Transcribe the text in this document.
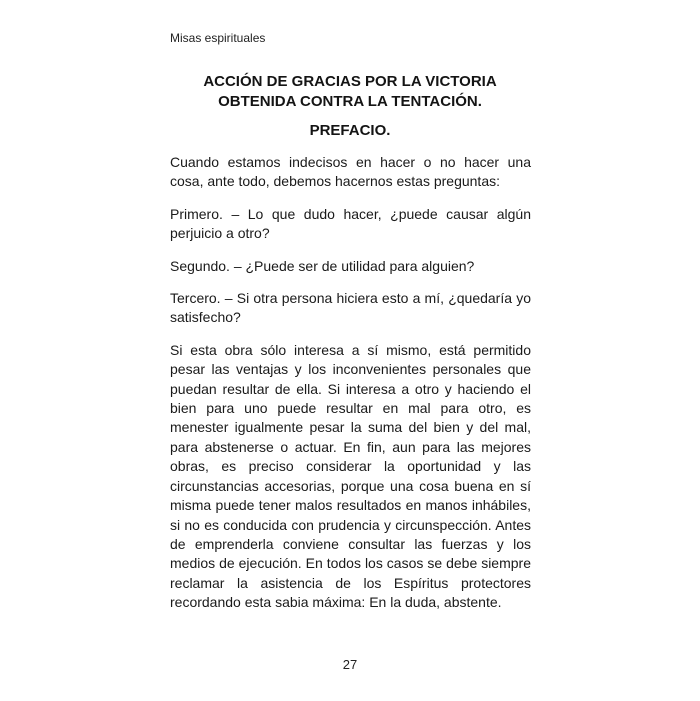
Misas espirituales
ACCIÓN DE GRACIAS POR LA VICTORIA
OBTENIDA CONTRA LA TENTACIÓN.
PREFACIO.

Cuando estamos indecisos en hacer o no hacer una cosa, ante todo, debemos hacernos estas preguntas:

Primero. – Lo que dudo hacer, ¿puede causar algún perjuicio a otro?

Segundo. – ¿Puede ser de utilidad para alguien?

Tercero. – Si otra persona hiciera esto a mí, ¿quedaría yo satisfecho?

Si esta obra sólo interesa a sí mismo, está permitido pesar las ventajas y los inconvenientes personales que puedan resultar de ella. Si interesa a otro y haciendo el bien para uno puede resultar en mal para otro, es menester igualmente pesar la suma del bien y del mal, para abstenerse o actuar. En fin, aun para las mejores obras, es preciso considerar la oportunidad y las circunstancias accesorias, porque una cosa buena en sí misma puede tener malos resultados en manos inhábiles, si no es conducida con prudencia y circunspección. Antes de emprenderla conviene consultar las fuerzas y los medios de ejecución. En todos los casos se debe siempre reclamar la asistencia de los Espíritus protectores recordando esta sabia máxima: En la duda, abstente.

27
